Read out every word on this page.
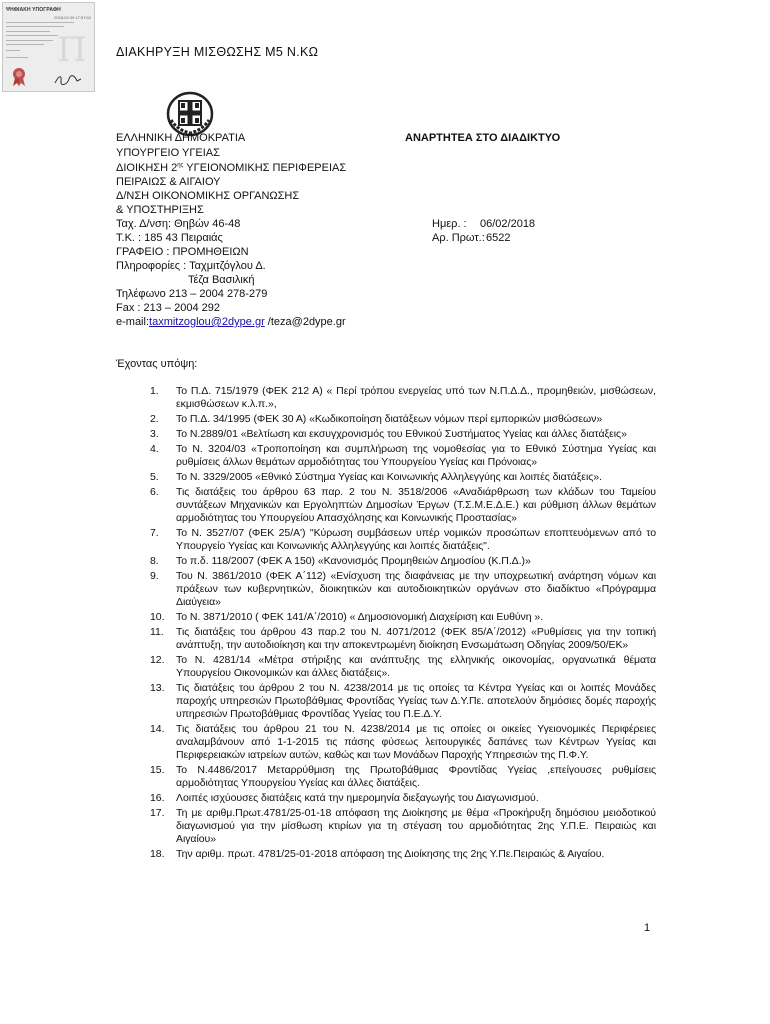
ΨΗΦΙΑΚΗ ΥΠΟΓΡΑΦΗ
2018.02.09 17:57:02
Π ΔΙΑΚΗΡΥΞΗ ΜΙΣΘΩΣΗΣ Μ5 Ν.ΚΩ
ΕΛΛΗΝΙΚΗ ΔΗΜΟΚΡΑΤΙΑ
ΥΠΟΥΡΓΕΙΟ ΥΓΕΙΑΣ
ΔΙΟΙΚΗΣΗ $2^{\eta\varsigma}$ ΥΓΕΙΟΝΟΜΙΚΗΣ ΠΕΡΙΦΕΡΕΙΑΣ
ΠΕΙΡΑΙΩΣ & ΑΙΓΑΙΟΥ
Δ/ΝΣΗ ΟΙΚΟΝΟΜΙΚΗΣ ΟΡΓΑΝΩΣΗΣ
& ΥΠΟΣΤΗΡΙΞΗΣ
Ταχ. Δ/νση: Θηβών 46-48
Τ.Κ. : 185 43 Πειραιάς
ΓΡΑΦΕΙΟ : ΠΡΟΜΗΘΕΙΩΝ
Πληροφορίες : Ταχμιτζόγλου Δ.
Τέζα Βασιλική
Τηλέφωνο 213 – 2004 278-279
Fax : 213 – 2004 292
e-mail:taxmitzoglou@2dype.gr /teza@2dype.gr
ΑΝΑΡΤΗΤΕΑ ΣΤΟ ΔΙΑΔΙΚΤΥΟ
Ημερ. : 06/02/2018
Αρ. Πρωτ.: 6522
Έχοντας υπόψη:
1. Το Π.Δ. 715/1979 (ΦΕΚ 212 Α) « Περί τρόπου ενεργείας υπό των Ν.Π.Δ.Δ., προμηθειών, μισθώσεων, εκμισθώσεων κ.λ.π.»,
2. Το Π.Δ. 34/1995 (ΦΕΚ 30 Α) «Κωδικοποίηση διατάξεων νόμων περί εμπορικών μισθώσεων»
3. Το Ν.2889/01 «Βελτίωση και εκσυγχρονισμός του Εθνικού Συστήματος Υγείας και άλλες διατάξεις»
4. Το Ν. 3204/03 «Τροποποίηση και συμπλήρωση της νομοθεσίας για το Εθνικό Σύστημα Υγείας και ρυθμίσεις άλλων θεμάτων αρμοδιότητας του Υπουργείου Υγείας και Πρόνοιας»
5. Το Ν. 3329/2005 «Εθνικό Σύστημα Υγείας και Κοινωνικής Αλληλεγγύης και λοιπές διατάξεις».
6. Τις διατάξεις του άρθρου 63 παρ. 2 του Ν. 3518/2006 «Αναδιάρθρωση των κλάδων του Ταμείου συντάξεων Μηχανικών και Εργοληπτών Δημοσίων Έργων (Τ.Σ.Μ.Ε.Δ.Ε.) και ρύθμιση άλλων θεμάτων αρμοδιότητας του Υπουργείου Απασχόλησης και Κοινωνικής Προστασίας»
7. Το Ν. 3527/07 (ΦΕΚ 25/Α') "Κύρωση συμβάσεων υπέρ νομικών προσώπων εποπτευόμενων από το Υπουργείο Υγείας και Κοινωνικής Αλληλεγγύης και λοιπές διατάξεις".
8. Το π.δ. 118/2007 (ΦΕΚ Α 150) «Κανονισμός Προμηθειών Δημοσίου (Κ.Π.Δ.)»
9. Του Ν. 3861/2010 (ΦΕΚ Α΄112) «Ενίσχυση της διαφάνειας με την υποχρεωτική ανάρτηση νόμων και πράξεων των κυβερνητικών, διοικητικών και αυτοδιοικητικών οργάνων στο διαδίκτυο «Πρόγραμμα Διαύγεια»
10. Το Ν. 3871/2010 ( ΦΕΚ 141/Α΄/2010) « Δημοσιονομική Διαχείριση και Ευθύνη ».
11. Τις διατάξεις του άρθρου 43 παρ.2 του Ν. 4071/2012 (ΦΕΚ 85/Α΄/2012) «Ρυθμίσεις για την τοπική ανάπτυξη, την αυτοδιοίκηση και την αποκεντρωμένη διοίκηση Ενσωμάτωση Οδηγίας 2009/50/ΕΚ»
12. Το Ν. 4281/14 «Μέτρα στήριξης και ανάπτυξης της ελληνικής οικονομίας, οργανωτικά θέματα Υπουργείου Οικονομικών και άλλες διατάξεις».
13. Τις διατάξεις του άρθρου 2 του Ν. 4238/2014 με τις οποίες τα Κέντρα Υγείας και οι λοιπές Μονάδες παροχής υπηρεσιών Πρωτοβάθμιας Φροντίδας Υγείας των Δ.Υ.Πε. αποτελούν δημόσιες δομές παροχής υπηρεσιών Πρωτοβάθμιας Φροντίδας Υγείας του Π.Ε.Δ.Υ.
14. Τις διατάξεις του άρθρου 21 του Ν. 4238/2014 με τις οποίες οι οικείες Υγειονομικές Περιφέρειες αναλαμβάνουν από 1-1-2015 τις πάσης φύσεως λειτουργικές δαπάνες των Κέντρων Υγείας και Περιφερειακών ιατρείων αυτών, καθώς και των Μονάδων Παροχής Υπηρεσιών της Π.Φ.Υ.
15. Το Ν.4486/2017 Μεταρρύθμιση της Πρωτοβάθμιας Φροντίδας Υγείας ,επείγουσες ρυθμίσεις αρμοδιότητας Υπουργείου Υγείας και άλλες διατάξεις.
16. Λοιπές ισχύουσες διατάξεις κατά την ημερομηνία διεξαγωγής του Διαγωνισμού.
17. Τη με αριθμ.Πρωτ.4781/25-01-18 απόφαση της Διοίκησης με θέμα «Προκήρυξη δημόσιου μειοδοτικού διαγωνισμού για την μίσθωση κτιρίων για τη στέγαση του αρμοδιότητας 2ης Υ.Π.Ε. Πειραιώς και Αιγαίου»
18. Την αριθμ. πρωτ. 4781/25-01-2018 απόφαση της Διοίκησης της 2ης Υ.Πε.Πειραιώς & Αιγαίου.
1
